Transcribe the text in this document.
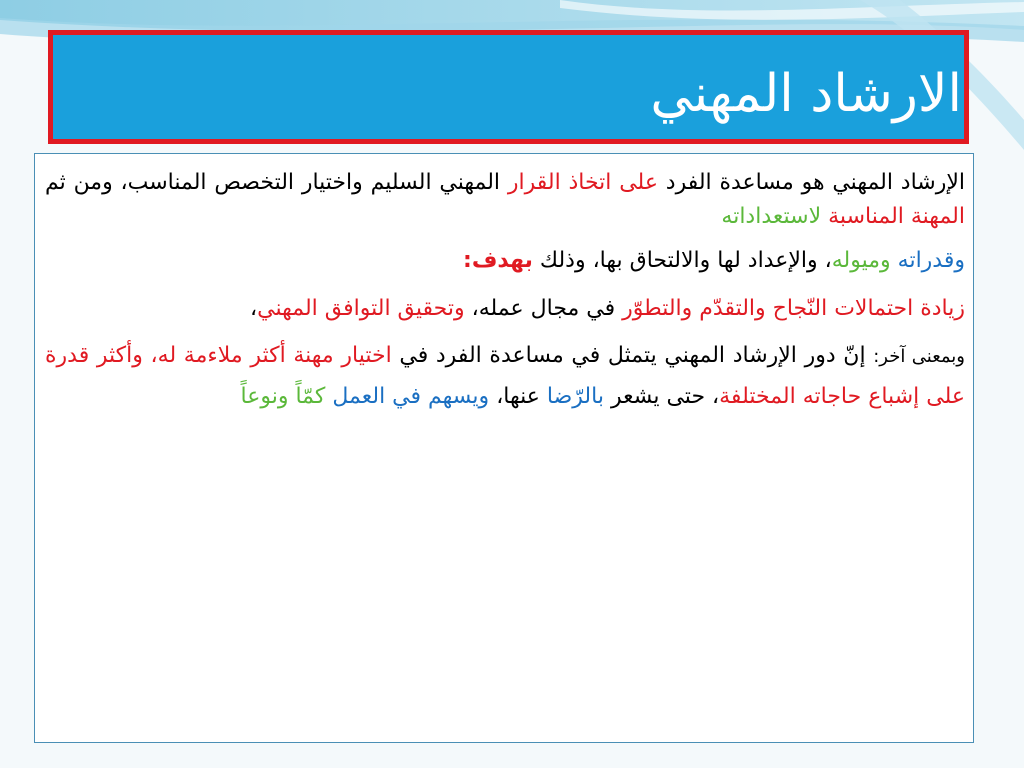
الارشاد المهني

الإرشاد المهني هو مساعدة الفرد على اتخاذ القرار المهني السليم واختيار التخصص المناسب، ومن ثم المهنة المناسبة لاستعداداته
وقدراته وميوله، والإعداد لها والالتحاق بها، وذلك بهدف:

زيادة احتمالات النّجاح والتقدّم والتطوّر في مجال عمله، وتحقيق التوافق المهني،

وبمعنى آخر: إنّ دور الإرشاد المهني يتمثل في مساعدة الفرد في اختيار مهنة أكثر ملاءمة له، وأكثر قدرة على إشباع حاجاته المختلفة، حتى يشعر بالرّضا عنها، ويسهم في العمل كمّاً ونوعاً
